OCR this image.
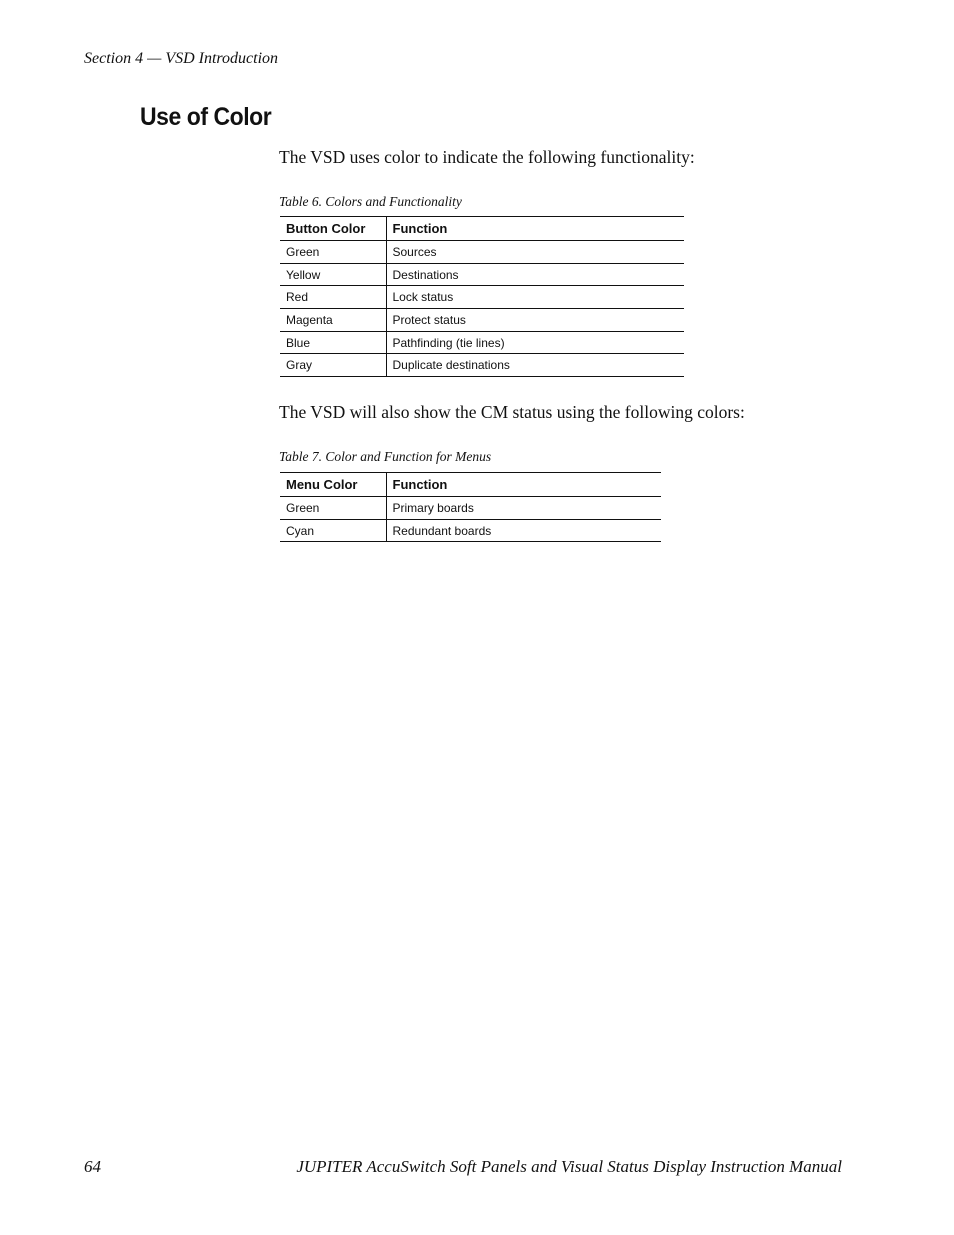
Section 4 — VSD Introduction
Use of Color

The VSD uses color to indicate the following functionality:

Table 6. Colors and Functionality
Button Color	Function
Green	Sources
Yellow	Destinations
Red	Lock status
Magenta	Protect status
Blue	Pathfinding (tie lines)
Gray	Duplicate destinations

The VSD will also show the CM status using the following colors:

Table 7. Color and Function for Menus
Menu Color	Function
Green	Primary boards
Cyan	Redundant boards
64	JUPITER AccuSwitch Soft Panels and Visual Status Display Instruction Manual
